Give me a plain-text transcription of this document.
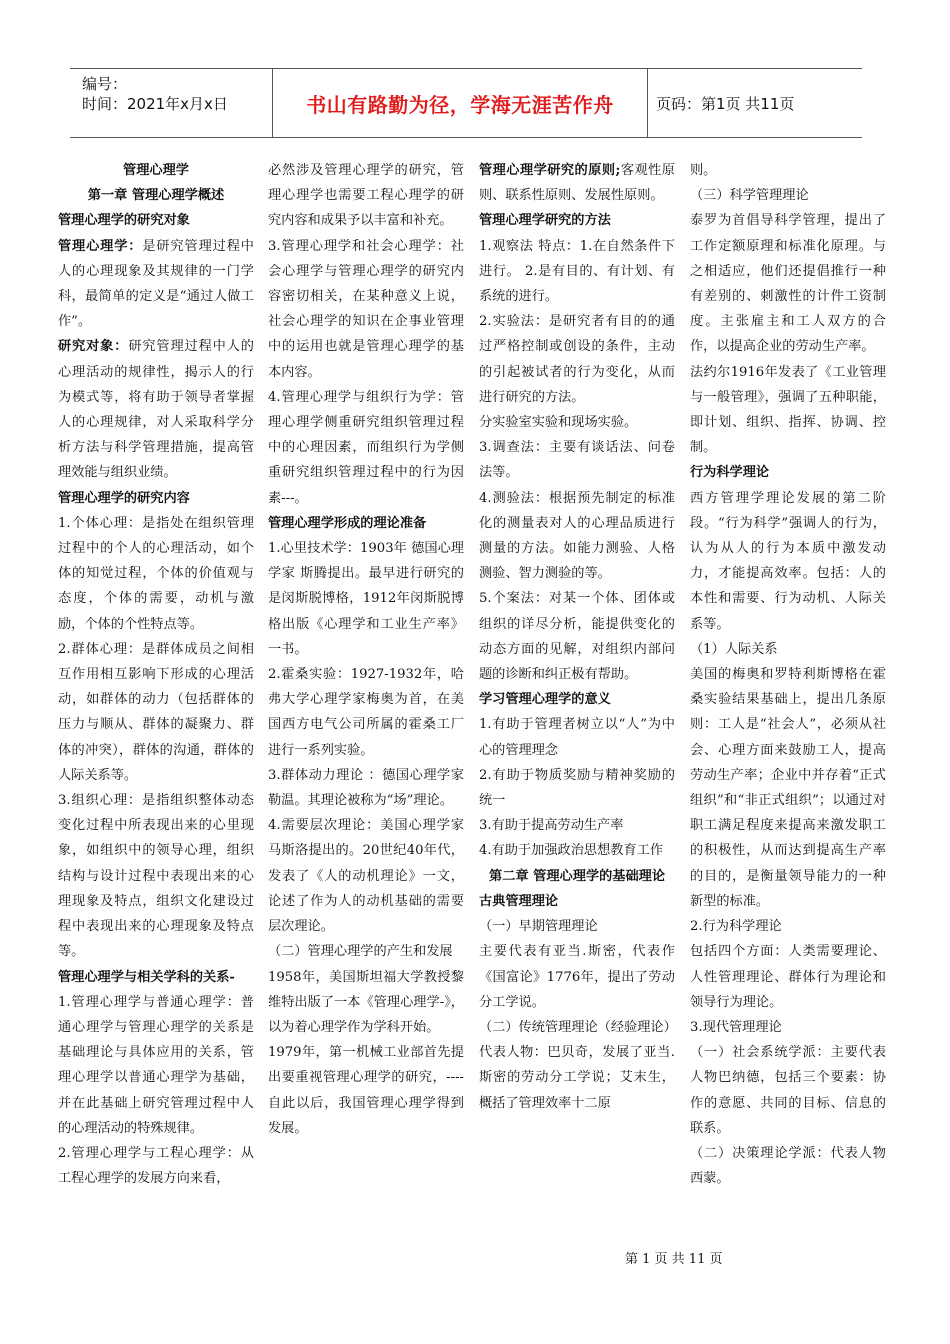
编号：
时间：2021年x月x日	书山有路勤为径，学海无涯苦作舟	页码：第1页 共11页

管理心理学

第一章 管理心理学概述

管理心理学的研究对象

管理心理学：是研究管理过程中人的心理现象及其规律的一门学科，最简单的定义是“通过人做工作”。

研究对象：研究管理过程中人的心理活动的规律性，揭示人的行为模式等，将有助于领导者掌握人的心理规律，对人采取科学分析方法与科学管理措施，提高管理效能与组织业绩。

管理心理学的研究内容

1.个体心理：是指处在组织管理过程中的个人的心理活动，如个体的知觉过程，个体的价值观与态度，个体的需要，动机与激励，个体的个性特点等。

2.群体心理：是群体成员之间相互作用相互影响下形成的心理活动，如群体的动力（包括群体的压力与顺从、群体的凝聚力、群体的冲突），群体的沟通，群体的人际关系等。

3.组织心理：是指组织整体动态变化过程中所表现出来的心里现象，如组织中的领导心理，组织结构与设计过程中表现出来的心理现象及特点，组织文化建设过程中表现出来的心理现象及特点等。

管理心理学与相关学科的关系-

1.管理心理学与普通心理学：普通心理学与管理心理学的关系是基础理论与具体应用的关系，管理心理学以普通心理学为基础，并在此基础上研究管理过程中人的心理活动的特殊规律。

2.管理心理学与工程心理学：从工程心理学的发展方向来看，

必然涉及管理心理学的研究，管理心理学也需要工程心理学的研究内容和成果予以丰富和补充。

3.管理心理学和社会心理学：社会心理学与管理心理学的研究内容密切相关，在某种意义上说，社会心理学的知识在企事业管理中的运用也就是管理心理学的基本内容。

4.管理心理学与组织行为学：管理心理学侧重研究组织管理过程中的心理因素，而组织行为学侧重研究组织管理过程中的行为因素---。

管理心理学形成的理论准备

1.心里技术学：1903年 德国心理学家 斯腾提出。最早进行研究的是闵斯脱博格，1912年闵斯脱博格出版《心理学和工业生产率》一书。

2.霍桑实验：1927-1932年，哈弗大学心理学家梅奥为首，在美国西方电气公司所属的霍桑工厂进行一系列实验。

3.群体动力理论 ：德国心理学家 勒温。其理论被称为“场”理论。

4.需要层次理论：美国心理学家马斯洛提出的。20世纪40年代，发表了《人的动机理论》一文，论述了作为人的动机基础的需要层次理论。

（二）管理心理学的产生和发展

1958年，美国斯坦福大学教授黎维特出版了一本《管理心理学-》，以为着心理学作为学科开始。

1979年，第一机械工业部首先提出要重视管理心理学的研究，----自此以后，我国管理心理学得到发展。

管理心理学研究的原则;客观性原则、联系性原则、发展性原则。

管理心理学研究的方法

1.观察法 特点：1.在自然条件下进行。 2.是有目的、有计划、有系统的进行。

2.实验法：是研究者有目的的通过严格控制或创设的条件，主动的引起被试者的行为变化，从而进行研究的方法。

分实验室实验和现场实验。

3.调查法：主要有谈话法、问卷法等。

4.测验法：根据预先制定的标准化的测量表对人的心理品质进行测量的方法。如能力测验、人格测验、智力测验的等。

5.个案法：对某一个体、团体或组织的详尽分析，能提供变化的动态方面的见解，对组织内部问题的诊断和纠正极有帮助。

学习管理心理学的意义

1.有助于管理者树立以“人”为中心的管理理念

2.有助于物质奖励与精神奖励的统一

3.有助于提高劳动生产率

4.有助于加强政治思想教育工作

第二章 管理心理学的基础理论

古典管理理论

（一）早期管理理论

主要代表有亚当.斯密，代表作《国富论》1776年，提出了劳动分工学说。

（二）传统管理理论（经验理论）

代表人物：巴贝奇，发展了亚当.斯密的劳动分工学说；艾末生，概括了管理效率十二原

则。

（三）科学管理理论

泰罗为首倡导科学管理，提出了工作定额原理和标准化原理。与之相适应，他们还提倡推行一种有差别的、刺激性的计件工资制度。主张雇主和工人双方的合作，以提高企业的劳动生产率。

法约尔1916年发表了《工业管理与一般管理》，强调了五种职能，即计划、组织、指挥、协调、控制。

行为科学理论

西方管理学理论发展的第二阶段。“行为科学”强调人的行为，认为从人的行为本质中激发动力，才能提高效率。包括：人的本性和需要、行为动机、人际关系等。

（1）人际关系

美国的梅奥和罗特利斯博格在霍桑实验结果基础上，提出几条原则：工人是“社会人”，必须从社会、心理方面来鼓励工人，提高劳动生产率；企业中并存着“正式组织”和“非正式组织”；以通过对职工满足程度来提高来激发职工的积极性，从而达到提高生产率的目的，是衡量领导能力的一种新型的标准。

2.行为科学理论

包括四个方面：人类需要理论、人性管理理论、群体行为理论和领导行为理论。

3.现代管理理论

（一）社会系统学派：主要代表人物巴纳德，包括三个要素：协作的意愿、共同的目标、信息的联系。

（二）决策理论学派：代表人物西蒙。

第 1 页 共 11 页
